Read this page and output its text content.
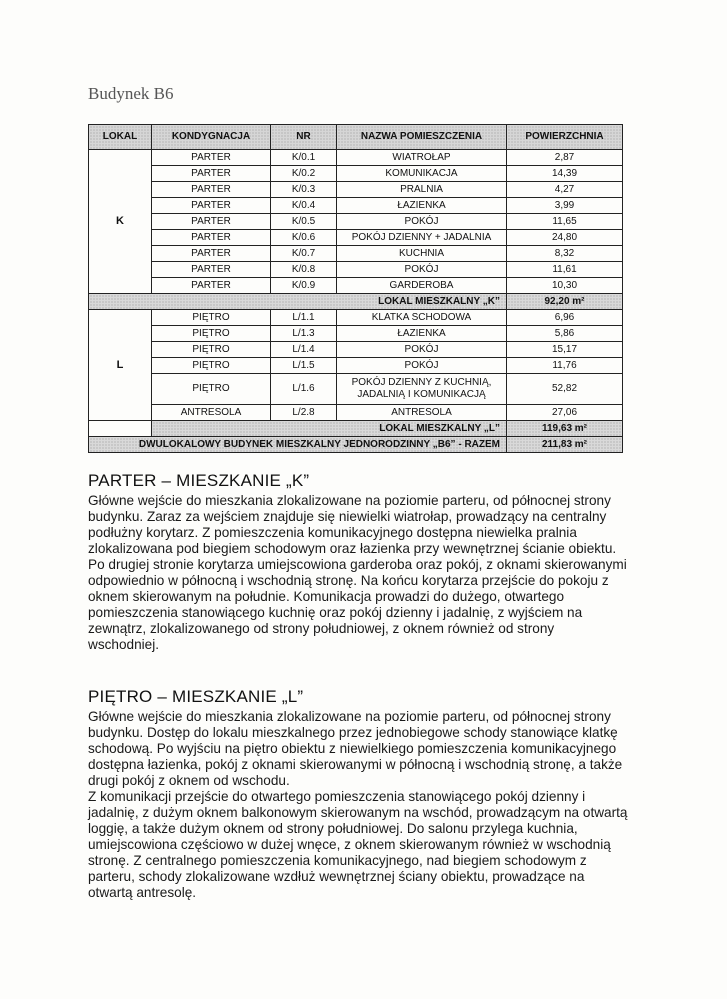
Budynek B6
LOKAL	KONDYGNACJA	NR	NAZWA POMIESZCZENIA	POWIERZCHNIA
K	PARTER	K/0.1	WIATROŁAP	2,87
	PARTER	K/0.2	KOMUNIKACJA	14,39
	PARTER	K/0.3	PRALNIA	4,27
	PARTER	K/0.4	ŁAZIENKA	3,99
	PARTER	K/0.5	POKÓJ	11,65
	PARTER	K/0.6	POKÓJ DZIENNY + JADALNIA	24,80
	PARTER	K/0.7	KUCHNIA	8,32
	PARTER	K/0.8	POKÓJ	11,61
	PARTER	K/0.9	GARDEROBA	10,30
LOKAL MIESZKALNY „K”				92,20 m²
L	PIĘTRO	L/1.1	KLATKA SCHODOWA	6,96
	PIĘTRO	L/1.3	ŁAZIENKA	5,86
	PIĘTRO	L/1.4	POKÓJ	15,17
	PIĘTRO	L/1.5	POKÓJ	11,76
	PIĘTRO	L/1.6	POKÓJ DZIENNY Z KUCHNIĄ, JADALNIĄ I KOMUNIKACJĄ	52,82
	ANTRESOLA	L/2.8	ANTRESOLA	27,06
	LOKAL MIESZKALNY „L”			119,63 m²
DWULOKALOWY BUDYNEK MIESZKALNY JEDNORODZINNY „B6” - RAZEM				211,83 m²
PARTER – MIESZKANIE „K”

Główne wejście do mieszkania zlokalizowane na poziomie parteru, od północnej strony budynku. Zaraz za wejściem znajduje się niewielki wiatrołap, prowadzący na centralny podłużny korytarz. Z pomieszczenia komunikacyjnego dostępna niewielka pralnia zlokalizowana pod biegiem schodowym oraz łazienka przy wewnętrznej ścianie obiektu.

Po drugiej stronie korytarza umiejscowiona garderoba oraz pokój, z oknami skierowanymi odpowiednio w północną i wschodnią stronę. Na końcu korytarza przejście do pokoju z oknem skierowanym na południe. Komunikacja prowadzi do dużego, otwartego pomieszczenia stanowiącego kuchnię oraz pokój dzienny i jadalnię, z wyjściem na zewnątrz, zlokalizowanego od strony południowej, z oknem również od strony wschodniej.

PIĘTRO – MIESZKANIE „L”

Główne wejście do mieszkania zlokalizowane na poziomie parteru, od północnej strony budynku. Dostęp do lokalu mieszkalnego przez jednobiegowe schody stanowiące klatkę schodową. Po wyjściu na piętro obiektu z niewielkiego pomieszczenia komunikacyjnego dostępna łazienka, pokój z oknami skierowanymi w północną i wschodnią stronę, a także drugi pokój z oknem od wschodu.

Z komunikacji przejście do otwartego pomieszczenia stanowiącego pokój dzienny i jadalnię, z dużym oknem balkonowym skierowanym na wschód, prowadzącym na otwartą loggię, a także dużym oknem od strony południowej. Do salonu przylega kuchnia, umiejscowiona częściowo w dużej wnęce, z oknem skierowanym również w wschodnią stronę. Z centralnego pomieszczenia komunikacyjnego, nad biegiem schodowym z parteru, schody zlokalizowane wzdłuż wewnętrznej ściany obiektu, prowadzące na otwartą antresolę.
